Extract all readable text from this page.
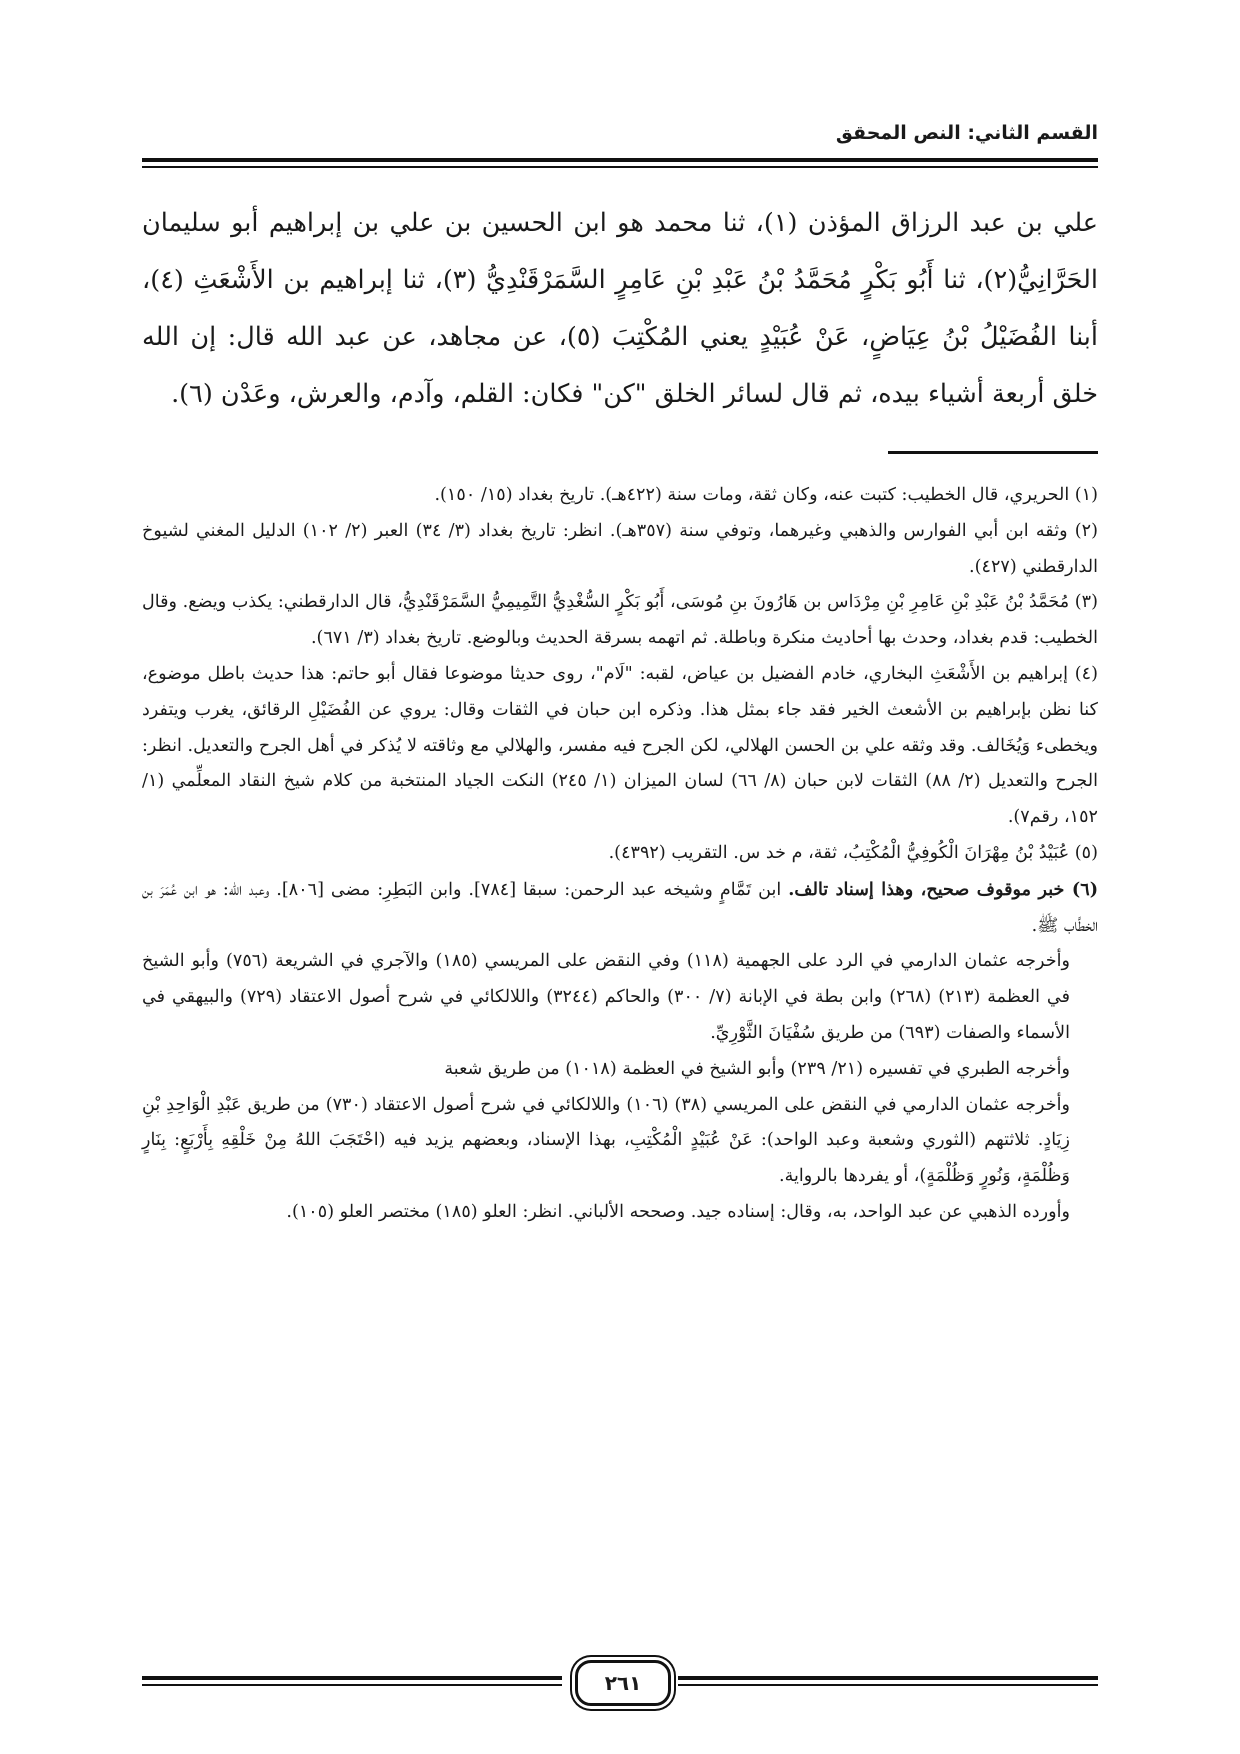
القسم الثاني: النص المحقق

علي بن عبد الرزاق المؤذن (١)، ثنا محمد هو ابن الحسين بن علي بن إبراهيم أبو سليمان الحَرَّانِيُّ(٢)، ثنا أَبُو بَكْرٍ مُحَمَّدُ بْنُ عَبْدِ بْنِ عَامِرٍ السَّمَرْقَنْدِيُّ (٣)، ثنا إبراهيم بن الأَشْعَثِ (٤)، أبنا الفُضَيْلُ بْنُ عِيَاضٍ، عَنْ عُبَيْدٍ يعني المُكْتِبَ (٥)، عن مجاهد، عن عبد الله قال: إن الله خلق أربعة أشياء بيده، ثم قال لسائر الخلق "كن" فكان: القلم، وآدم، والعرش، وعَدْن (٦).

(١) الحريري، قال الخطيب: كتبت عنه، وكان ثقة، ومات سنة (٤٢٢هـ). تاريخ بغداد (١٥/ ١٥٠).

(٢) وثقه ابن أبي الفوارس والذهبي وغيرهما، وتوفي سنة (٣٥٧هـ). انظر: تاريخ بغداد (٣/ ٣٤) العبر (٢/ ١٠٢) الدليل المغني لشيوخ الدارقطني (٤٢٧).

(٣) مُحَمَّدُ بْنُ عَبْدِ بْنِ عَامِرِ بْنِ مِرْدَاس بن هَارُونَ بنِ مُوسَى، أَبُو بَكْرٍ السُّغْدِيُّ التَّمِيمِيُّ السَّمَرْقَنْدِيُّ، قال الدارقطني: يكذب ويضع. وقال الخطيب: قدم بغداد، وحدث بها أحاديث منكرة وباطلة. ثم اتهمه بسرقة الحديث وبالوضع. تاريخ بغداد (٣/ ٦٧١).

(٤) إبراهيم بن الأَشْعَثِ البخاري، خادم الفضيل بن عياض، لقبه: "لَام"، روى حديثا موضوعا فقال أبو حاتم: هذا حديث باطل موضوع، كنا نظن بإبراهيم بن الأشعث الخير فقد جاء بمثل هذا. وذكره ابن حبان في الثقات وقال: يروي عن الفُضَيْلِ الرقائق، يغرب ويتفرد ويخطىء وَيُخَالف. وقد وثقه علي بن الحسن الهلالي، لكن الجرح فيه مفسر، والهلالي مع وثاقته لا يُذكر في أهل الجرح والتعديل. انظر: الجرح والتعديل (٢/ ٨٨) الثقات لابن حبان (٨/ ٦٦) لسان الميزان (١/ ٢٤٥) النكت الجياد المنتخبة من كلام شيخ النقاد المعلِّمي (١/ ١٥٢، رقم٧).

(٥) عُبَيْدُ بْنُ مِهْرَانَ الْكُوفِيُّ الْمُكْتِبُ، ثقة، م خد س. التقريب (٤٣٩٢).

(٦) خبر موقوف صحيح، وهذا إسناد تالف. ابن تَمَّامٍ وشيخه عبد الرحمن: سبقا [٧٨٤]. وابن البَطِرِ: مضى [٨٠٦]. وعبد الله: هو ابن عُمَرَ بن الخطَّاب ﷺ.

وأخرجه عثمان الدارمي في الرد على الجهمية (١١٨) وفي النقض على المريسي (١٨٥) والآجري في الشريعة (٧٥٦) وأبو الشيخ في العظمة (٢١٣) (٢٦٨) وابن بطة في الإبانة (٧/ ٣٠٠) والحاكم (٣٢٤٤) واللالكائي في شرح أصول الاعتقاد (٧٢٩) والبيهقي في الأسماء والصفات (٦٩٣) من طريق سُفْيَانَ الثَّوْرِيِّ.

وأخرجه الطبري في تفسيره (٢١/ ٢٣٩) وأبو الشيخ في العظمة (١٠١٨) من طريق شعبة

وأخرجه عثمان الدارمي في النقض على المريسي (٣٨) (١٠٦) واللالكائي في شرح أصول الاعتقاد (٧٣٠) من طريق عَبْدِ الْوَاحِدِ بْنِ زِيَادٍ. ثلاثتهم (الثوري وشعبة وعبد الواحد): عَنْ عُبَيْدٍ الْمُكْتِبِ، بهذا الإسناد، وبعضهم يزيد فيه (احْتَجَبَ اللهُ مِنْ خَلْقِهِ بِأَرْبَعٍ: بِنَارٍ وَظُلْمَةٍ، وَنُورٍ وَظُلْمَةٍ)، أو يفردها بالرواية.

وأورده الذهبي عن عبد الواحد، به، وقال: إسناده جيد. وصححه الألباني. انظر: العلو (١٨٥) مختصر العلو (١٠٥).

٢٦١
